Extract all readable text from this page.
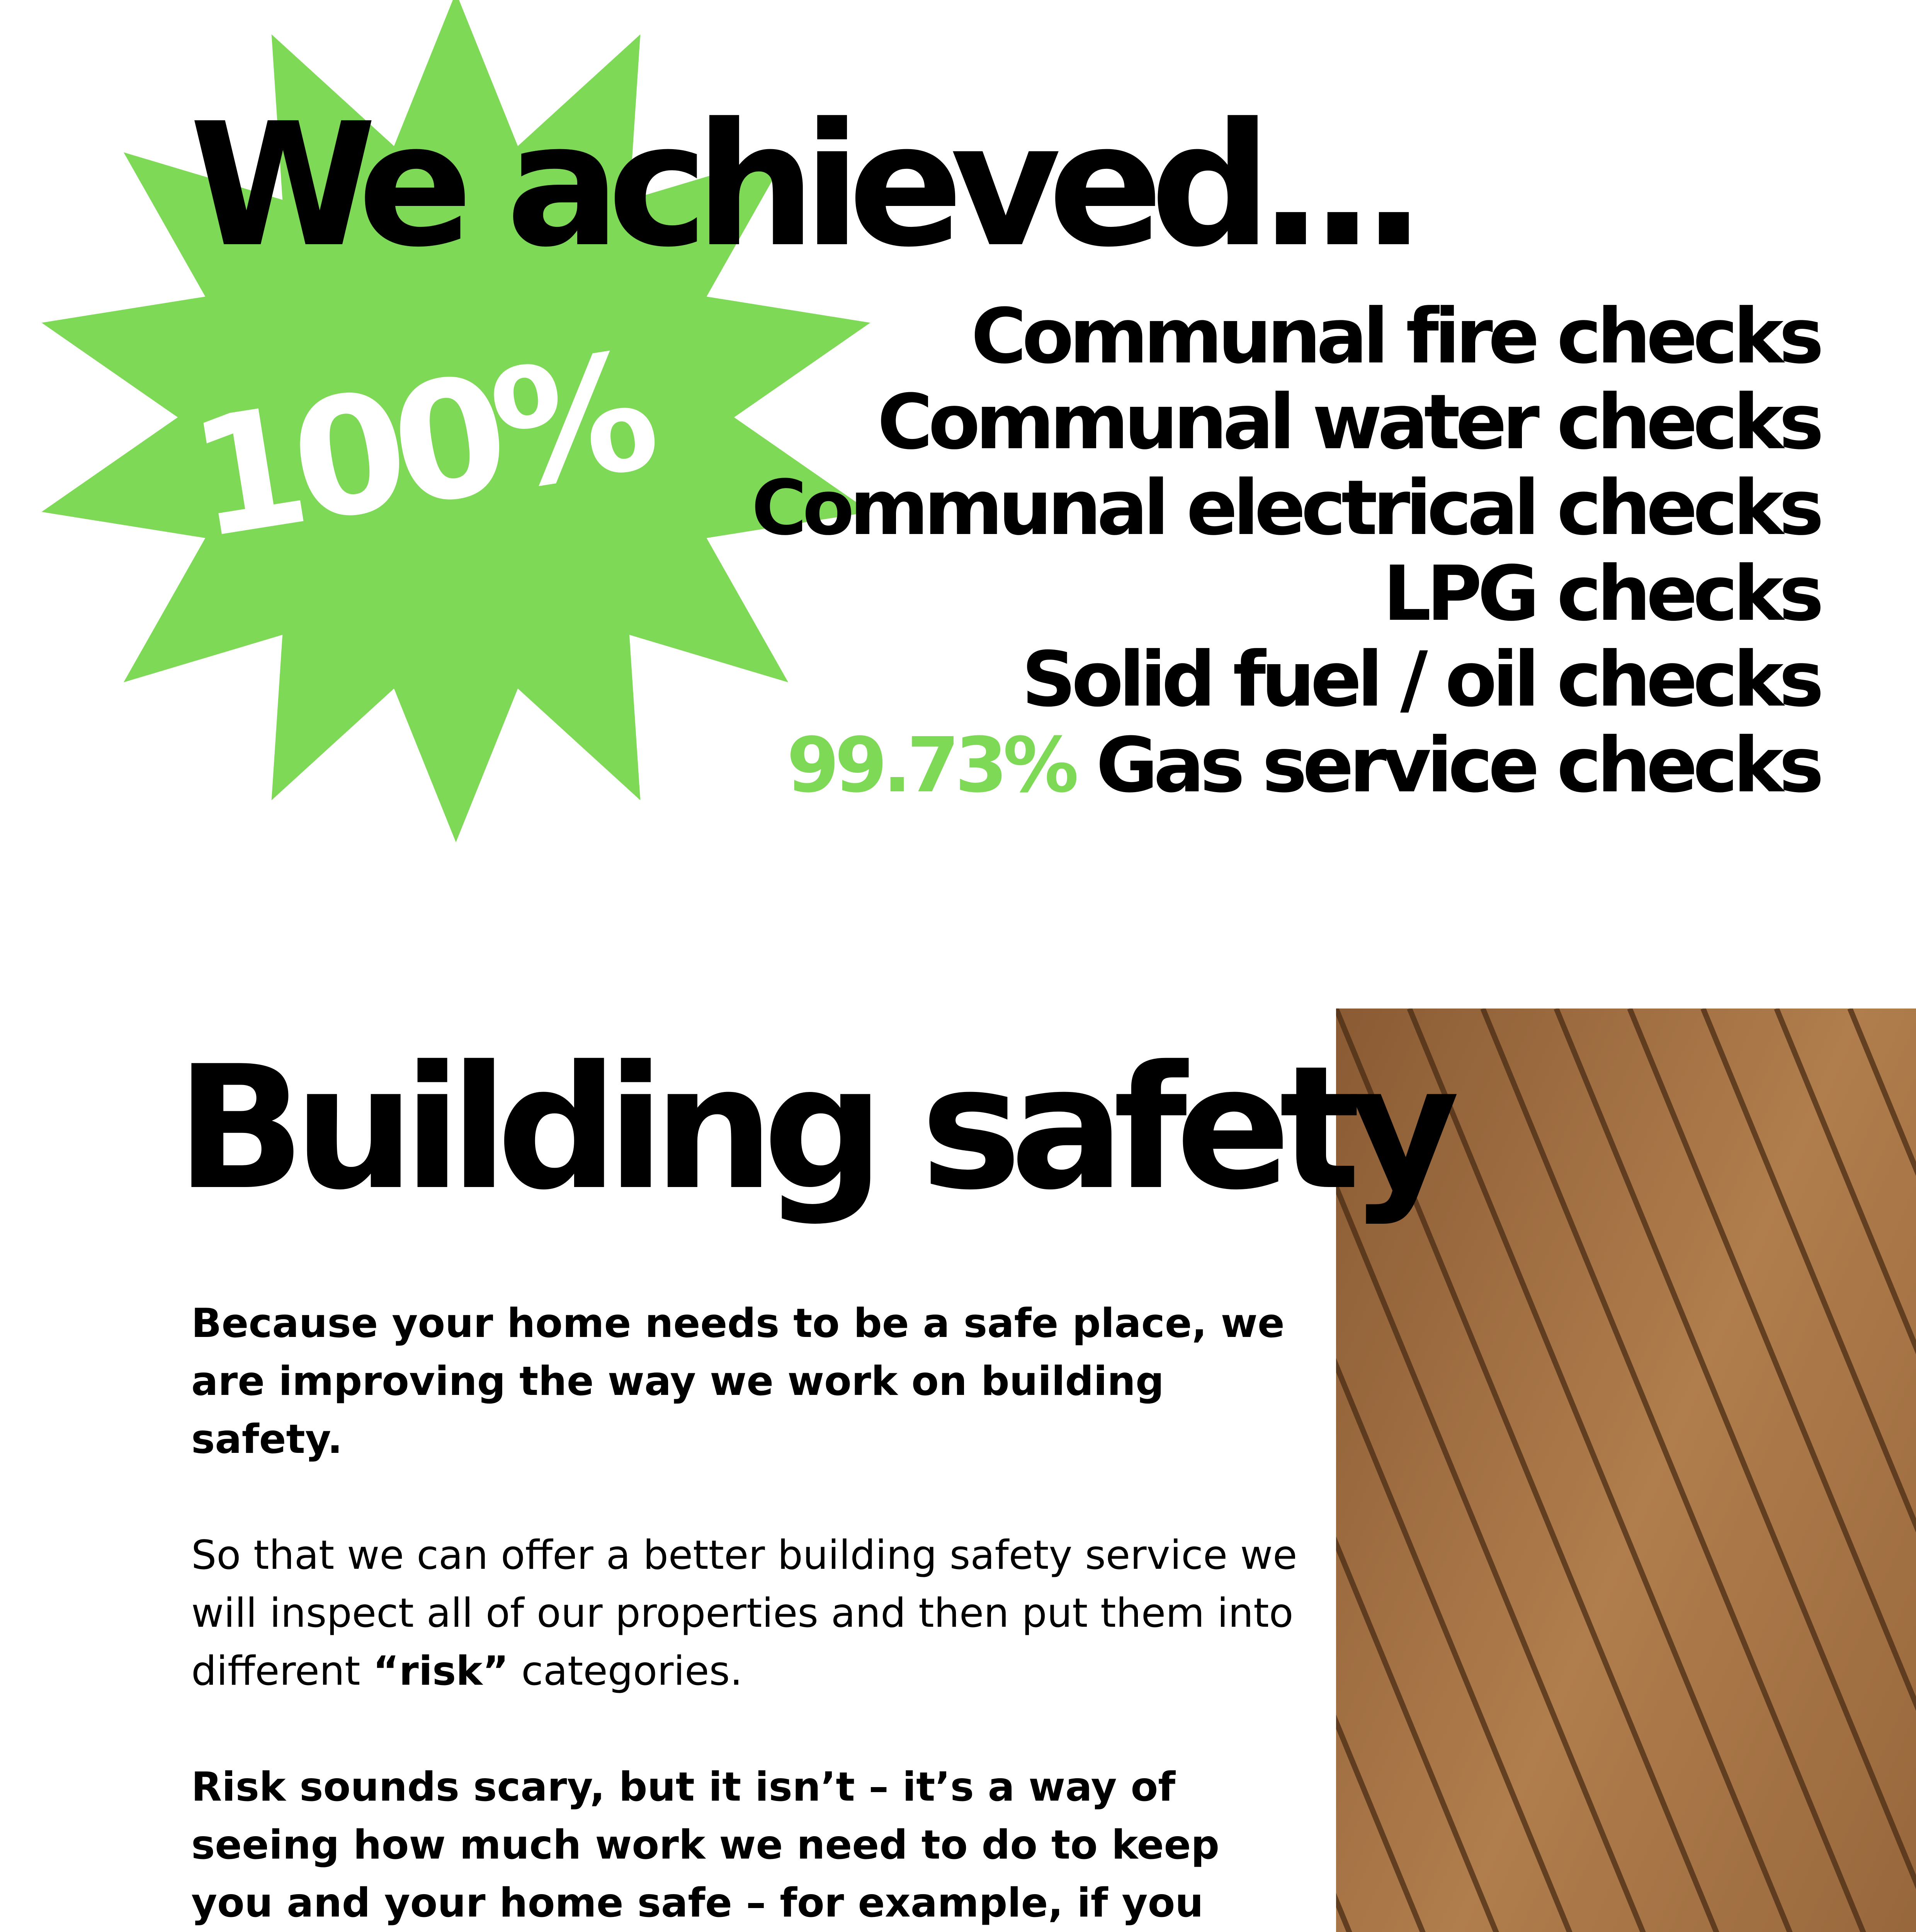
We achieved...
100%	Communal fire checks
Communal water checks
Communal electrical checks
LPG checks
Solid fuel / oil checks
99.73% Gas service checks
Building safety

Because your home needs to be a safe place, we are improving the way we work on building safety.

So that we can offer a better building safety service we will inspect all of our properties and then put them into different “risk” categories.

Risk sounds scary, but it isn’t – it’s a way of seeing how much work we need to do to keep you and your home safe – for example, if you
